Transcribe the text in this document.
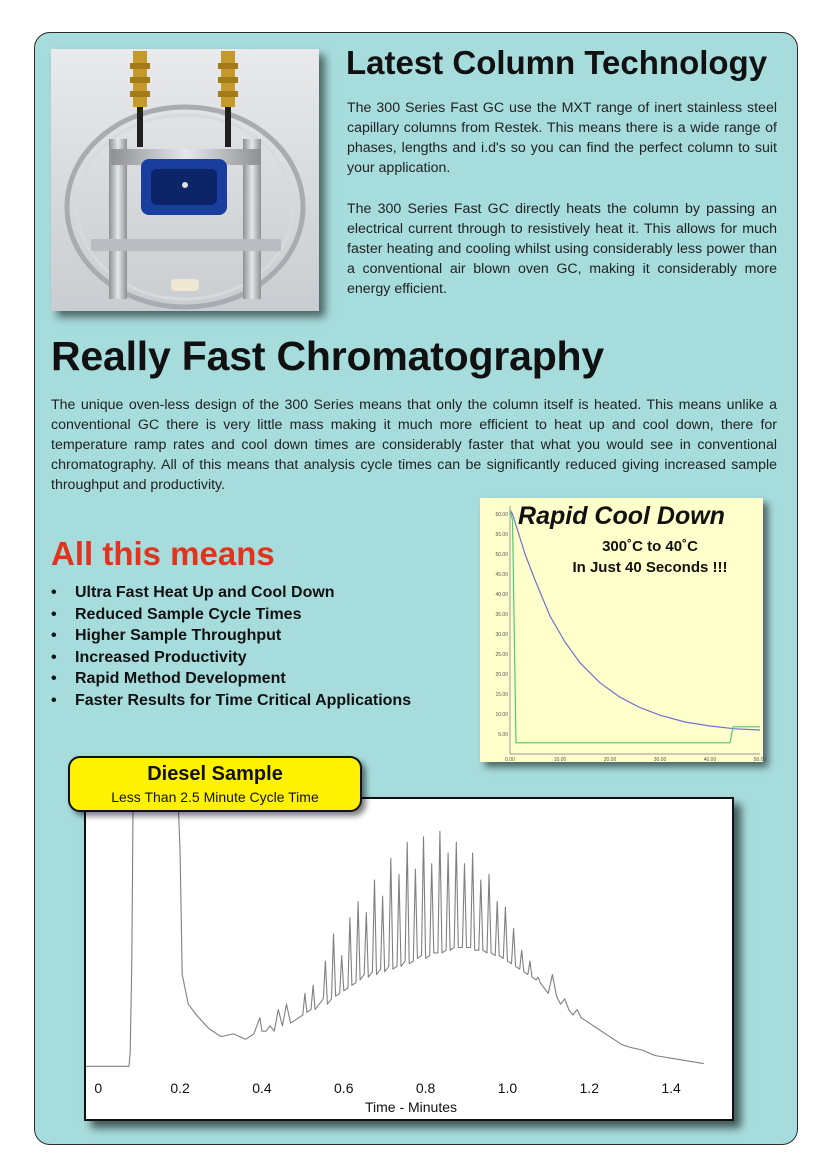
Latest Column Technology

The 300 Series Fast GC use the MXT range of inert stainless steel capillary columns from Restek. This means there is a wide range of phases, lengths and i.d's so you can find the perfect column to suit your application.

The 300 Series Fast GC directly heats the column by passing an electrical current through to resistively heat it. This allows for much faster heating and cooling whilst using considerably less power than a conventional air blown oven GC, making it considerably more energy efficient.

Really Fast Chromatography

The unique oven-less design of the 300 Series means that only the column itself is heated. This means unlike a conventional GC there is very little mass making it much more efficient to heat up and cool down, there for temperature ramp rates and cool down times are considerably faster that what you would see in conventional chromatography. All of this means that analysis cycle times can be significantly reduced giving increased sample throughput and productivity.

All this means
• Ultra Fast Heat Up and Cool Down
• Reduced Sample Cycle Times
• Higher Sample Throughput
• Increased Productivity
• Rapid Method Development
• Faster Results for Time Critical Applications
60.00
55.00
50.00
45.00
40.00
35.00
30.00
25.00
20.00
15.00
10.00
5.00
0.00	10.00	20.00	30.00	40.00	50.00
Rapid Cool Down
300˚C to 40˚C
In Just 40 Seconds !!!
0	0.2	0.4	0.6	0.8	1.0	1.2	1.4
Time - Minutes
Diesel Sample
Less Than 2.5 Minute Cycle Time
